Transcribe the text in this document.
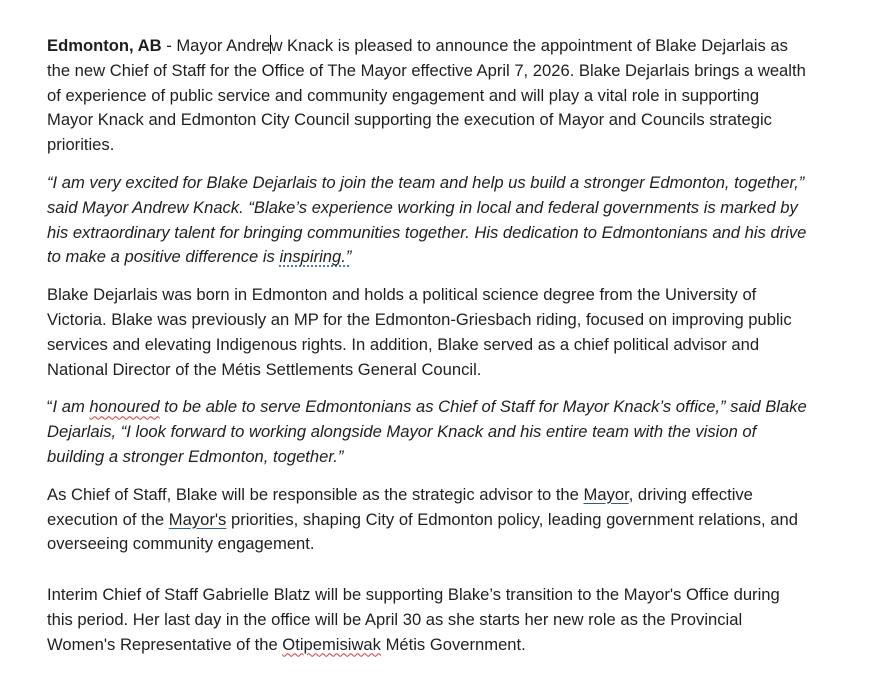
Edmonton, AB - Mayor Andrew Knack is pleased to announce the appointment of Blake Dejarlais as the new Chief of Staff for the Office of The Mayor effective April 7, 2026. Blake Dejarlais brings a wealth of experience of public service and community engagement and will play a vital role in supporting Mayor Knack and Edmonton City Council supporting the execution of Mayor and Councils strategic priorities.

“I am very excited for Blake Dejarlais to join the team and help us build a stronger Edmonton, together,” said Mayor Andrew Knack. “Blake’s experience working in local and federal governments is marked by his extraordinary talent for bringing communities together. His dedication to Edmontonians and his drive to make a positive difference is inspiring.”

Blake Dejarlais was born in Edmonton and holds a political science degree from the University of Victoria. Blake was previously an MP for the Edmonton-Griesbach riding, focused on improving public services and elevating Indigenous rights. In addition, Blake served as a chief political advisor and National Director of the Métis Settlements General Council.

“I am honoured to be able to serve Edmontonians as Chief of Staff for Mayor Knack’s office,” said Blake Dejarlais, “I look forward to working alongside Mayor Knack and his entire team with the vision of building a stronger Edmonton, together.”

As Chief of Staff, Blake will be responsible as the strategic advisor to the Mayor, driving effective execution of the Mayor's priorities, shaping City of Edmonton policy, leading government relations, and overseeing community engagement.

Interim Chief of Staff Gabrielle Blatz will be supporting Blake’s transition to the Mayor's Office during this period. Her last day in the office will be April 30 as she starts her new role as the Provincial Women's Representative of the Otipemisiwak Métis Government.
